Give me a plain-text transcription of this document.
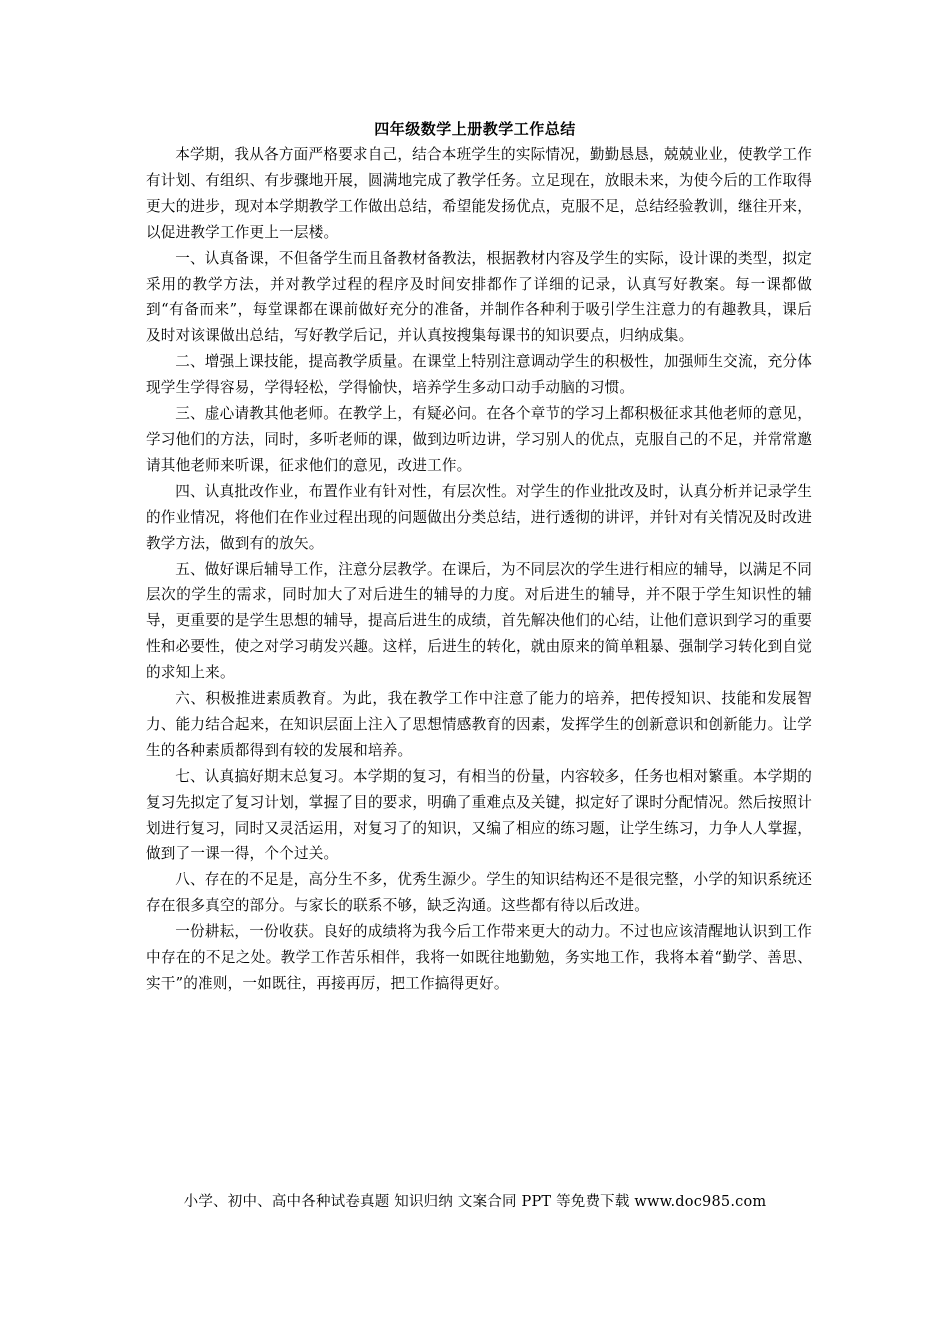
四年级数学上册教学工作总结

本学期，我从各方面严格要求自己，结合本班学生的实际情况，勤勤恳恳，兢兢业业，使教学工作有计划、有组织、有步骤地开展，圆满地完成了教学任务。立足现在，放眼未来，为使今后的工作取得更大的进步，现对本学期教学工作做出总结，希望能发扬优点，克服不足，总结经验教训，继往开来，以促进教学工作更上一层楼。

一、认真备课，不但备学生而且备教材备教法，根据教材内容及学生的实际，设计课的类型，拟定采用的教学方法，并对教学过程的程序及时间安排都作了详细的记录，认真写好教案。每一课都做到“有备而来”，每堂课都在课前做好充分的准备，并制作各种利于吸引学生注意力的有趣教具，课后及时对该课做出总结，写好教学后记，并认真按搜集每课书的知识要点，归纳成集。

二、增强上课技能，提高教学质量。在课堂上特别注意调动学生的积极性，加强师生交流，充分体现学生学得容易，学得轻松，学得愉快，培养学生多动口动手动脑的习惯。

三、虚心请教其他老师。在教学上，有疑必问。在各个章节的学习上都积极征求其他老师的意见，学习他们的方法，同时，多听老师的课，做到边听边讲，学习别人的优点，克服自己的不足，并常常邀请其他老师来听课，征求他们的意见，改进工作。

四、认真批改作业，布置作业有针对性，有层次性。对学生的作业批改及时，认真分析并记录学生的作业情况，将他们在作业过程出现的问题做出分类总结，进行透彻的讲评，并针对有关情况及时改进教学方法，做到有的放矢。

五、做好课后辅导工作，注意分层教学。在课后，为不同层次的学生进行相应的辅导，以满足不同层次的学生的需求，同时加大了对后进生的辅导的力度。对后进生的辅导，并不限于学生知识性的辅导，更重要的是学生思想的辅导，提高后进生的成绩，首先解决他们的心结，让他们意识到学习的重要性和必要性，使之对学习萌发兴趣。这样，后进生的转化，就由原来的简单粗暴、强制学习转化到自觉的求知上来。

六、积极推进素质教育。为此，我在教学工作中注意了能力的培养，把传授知识、技能和发展智力、能力结合起来，在知识层面上注入了思想情感教育的因素，发挥学生的创新意识和创新能力。让学生的各种素质都得到有较的发展和培养。

七、认真搞好期末总复习。本学期的复习，有相当的份量，内容较多，任务也相对繁重。本学期的复习先拟定了复习计划，掌握了目的要求，明确了重难点及关键，拟定好了课时分配情况。然后按照计划进行复习，同时又灵活运用，对复习了的知识，又编了相应的练习题，让学生练习，力争人人掌握，做到了一课一得，个个过关。

八、存在的不足是，高分生不多，优秀生源少。学生的知识结构还不是很完整，小学的知识系统还存在很多真空的部分。与家长的联系不够，缺乏沟通。这些都有待以后改进。

一份耕耘，一份收获。良好的成绩将为我今后工作带来更大的动力。不过也应该清醒地认识到工作中存在的不足之处。教学工作苦乐相伴，我将一如既往地勤勉，务实地工作，我将本着“勤学、善思、实干”的准则，一如既往，再接再厉，把工作搞得更好。

小学、初中、高中各种试卷真题 知识归纳 文案合同 PPT 等免费下载 www.doc985.com
